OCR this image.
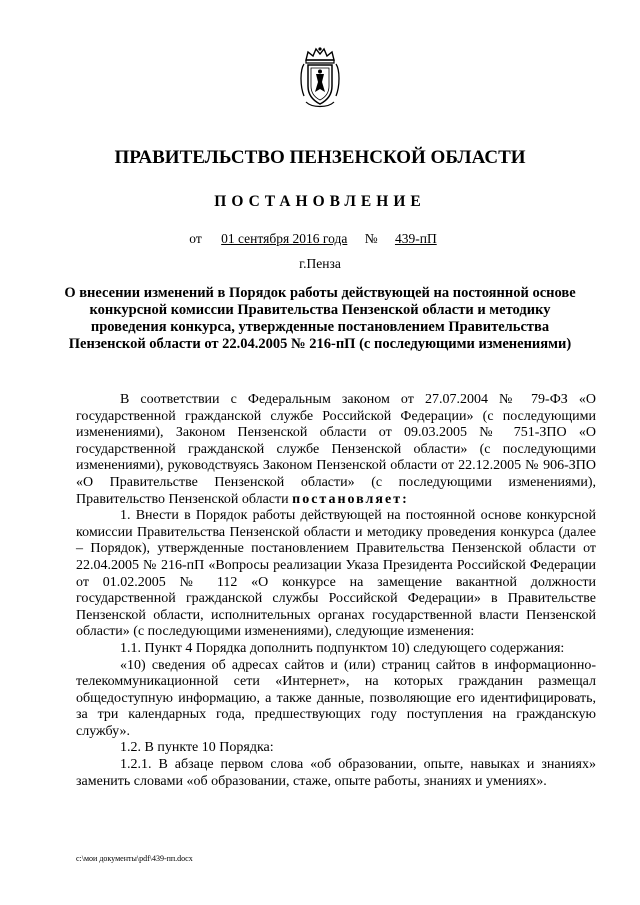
ПРАВИТЕЛЬСТВО ПЕНЗЕНСКОЙ ОБЛАСТИ
ПОСТАНОВЛЕНИЕ
от 01 сентября 2016 года № 439-пП
г.Пенза
О внесении изменений в Порядок работы действующей на постоянной основе конкурсной комиссии Правительства Пензенской области и методику проведения конкурса, утвержденные постановлением Правительства Пензенской области от 22.04.2005 № 216-пП (с последующими изменениями)

В соответствии с Федеральным законом от 27.07.2004 № 79-ФЗ «О государственной гражданской службе Российской Федерации» (с последующими изменениями), Законом Пензенской области от 09.03.2005 № 751-ЗПО «О государственной гражданской службе Пензенской области» (с последующими изменениями), руководствуясь Законом Пензенской области от 22.12.2005 № 906-ЗПО «О Правительстве Пензенской области» (с последующими изменениями), Правительство Пензенской области постановляет:

1. Внести в Порядок работы действующей на постоянной основе конкурсной комиссии Правительства Пензенской области и методику проведения конкурса (далее – Порядок), утвержденные постановлением Правительства Пензенской области от 22.04.2005 № 216-пП «Вопросы реализации Указа Президента Российской Федерации от 01.02.2005 № 112 «О конкурсе на замещение вакантной должности государственной гражданской службы Российской Федерации» в Правительстве Пензенской области, исполнительных органах государственной власти Пензенской области» (с последующими изменениями), следующие изменения:

1.1. Пункт 4 Порядка дополнить подпунктом 10) следующего содержания:

«10) сведения об адресах сайтов и (или) страниц сайтов в информационно-телекоммуникационной сети «Интернет», на которых гражданин размещал общедоступную информацию, а также данные, позволяющие его идентифицировать, за три календарных года, предшествующих году поступления на гражданскую службу».

1.2. В пункте 10 Порядка:

1.2.1. В абзаце первом слова «об образовании, опыте, навыках и знаниях» заменить словами «об образовании, стаже, опыте работы, знаниях и умениях».

c:\мои документы\pdf\439-пп.docx
